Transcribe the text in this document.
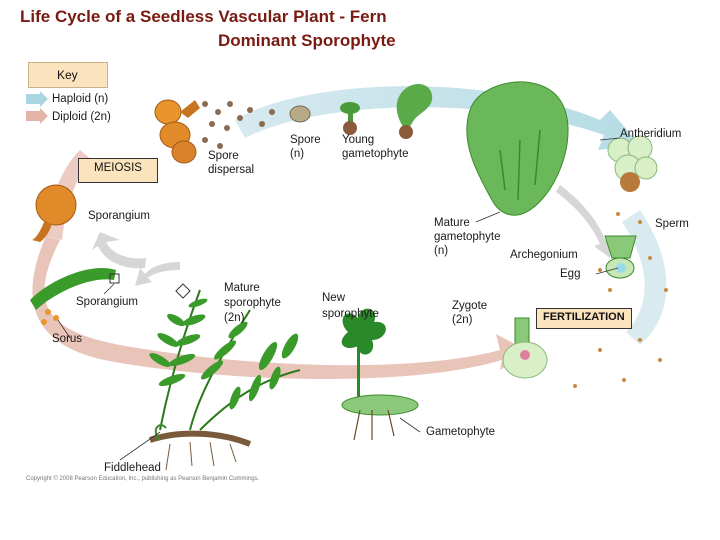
Life Cycle of a Seedless Vascular Plant - Fern
Dominant Sporophyte
Key
Haploid (n)
Diploid (2n)
MEIOSIS
FERTILIZATION
Sporangium
Sporangium
Sorus
Spore
dispersal
Spore
(n)
Young
gametophyte
Antheridium
Sperm
Mature
gametophyte
(n)	Archegonium
Egg
Zygote
(2n)
New
sporophyte
Mature
sporophyte
(2n)
Gametophyte
Fiddlehead
Copyright © 2008 Pearson Education, Inc., publishing as Pearson Benjamin Cummings.
